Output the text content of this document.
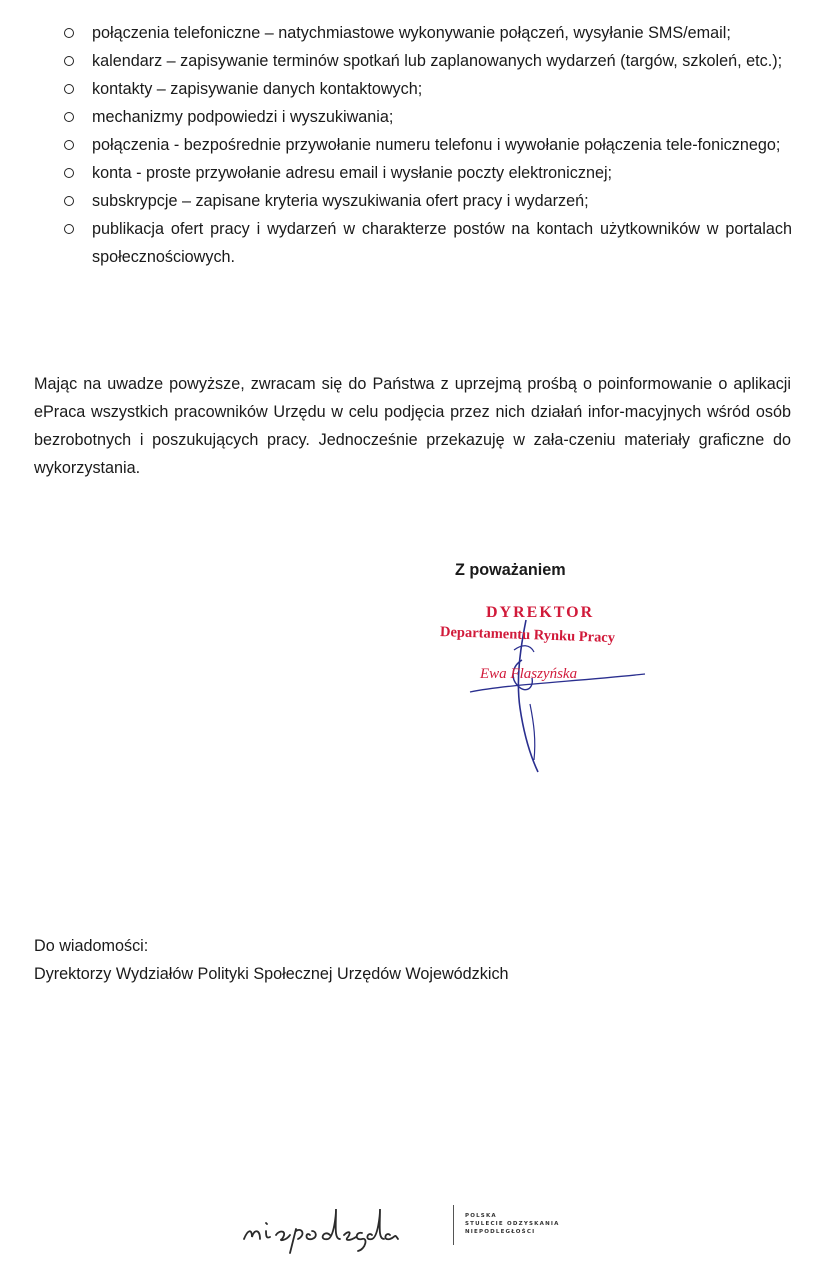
połączenia telefoniczne – natychmiastowe wykonywanie połączeń, wysyłanie SMS/email;
kalendarz – zapisywanie terminów spotkań lub zaplanowanych wydarzeń (targów, szkoleń, etc.);
kontakty – zapisywanie danych kontaktowych;
mechanizmy podpowiedzi i wyszukiwania;
połączenia - bezpośrednie przywołanie numeru telefonu i wywołanie połączenia tele-fonicznego;
konta - proste przywołanie adresu email i wysłanie poczty elektronicznej;
subskrypcje – zapisane kryteria wyszukiwania ofert pracy i wydarzeń;
publikacja ofert pracy i wydarzeń w charakterze postów na kontach użytkowników w portalach społecznościowych.

Mając na uwadze powyższe, zwracam się do Państwa z uprzejmą prośbą o poinformowanie o aplikacji ePraca wszystkich pracowników Urzędu w celu podjęcia przez nich działań infor-macyjnych wśród osób bezrobotnych i poszukujących pracy. Jednocześnie przekazuję w zała-czeniu materiały graficzne do wykorzystania.

Z poważaniem
DYREKTOR
Departamentu Rynku Pracy
Ewa Flaszyńska

Do wiadomości:

Dyrektorzy Wydziałów Polityki Społecznej Urzędów Wojewódzkich

POLSKA
STULECIE ODZYSKANIA
NIEPODLEGŁOŚCI
